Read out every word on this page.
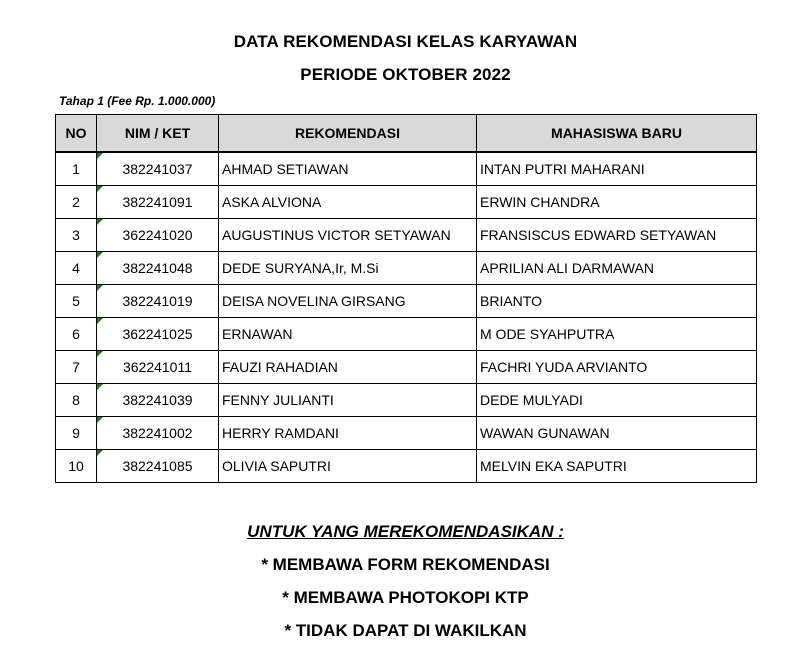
DATA REKOMENDASI KELAS KARYAWAN
PERIODE OKTOBER 2022
Tahap 1 (Fee Rp. 1.000.000)
NO	NIM / KET	REKOMENDASI	MAHASISWA BARU
1	382241037	AHMAD SETIAWAN	INTAN PUTRI MAHARANI
2	382241091	ASKA ALVIONA	ERWIN CHANDRA
3	362241020	AUGUSTINUS VICTOR SETYAWAN	FRANSISCUS EDWARD SETYAWAN
4	382241048	DEDE SURYANA,Ir, M.Si	APRILIAN ALI DARMAWAN
5	382241019	DEISA NOVELINA GIRSANG	BRIANTO
6	362241025	ERNAWAN	M ODE SYAHPUTRA
7	362241011	FAUZI RAHADIAN	FACHRI YUDA ARVIANTO
8	382241039	FENNY JULIANTI	DEDE MULYADI
9	382241002	HERRY RAMDANI	WAWAN GUNAWAN
10	382241085	OLIVIA SAPUTRI	MELVIN EKA SAPUTRI
UNTUK YANG MEREKOMENDASIKAN :
* MEMBAWA FORM REKOMENDASI
* MEMBAWA PHOTOKOPI KTP
* TIDAK DAPAT DI WAKILKAN
